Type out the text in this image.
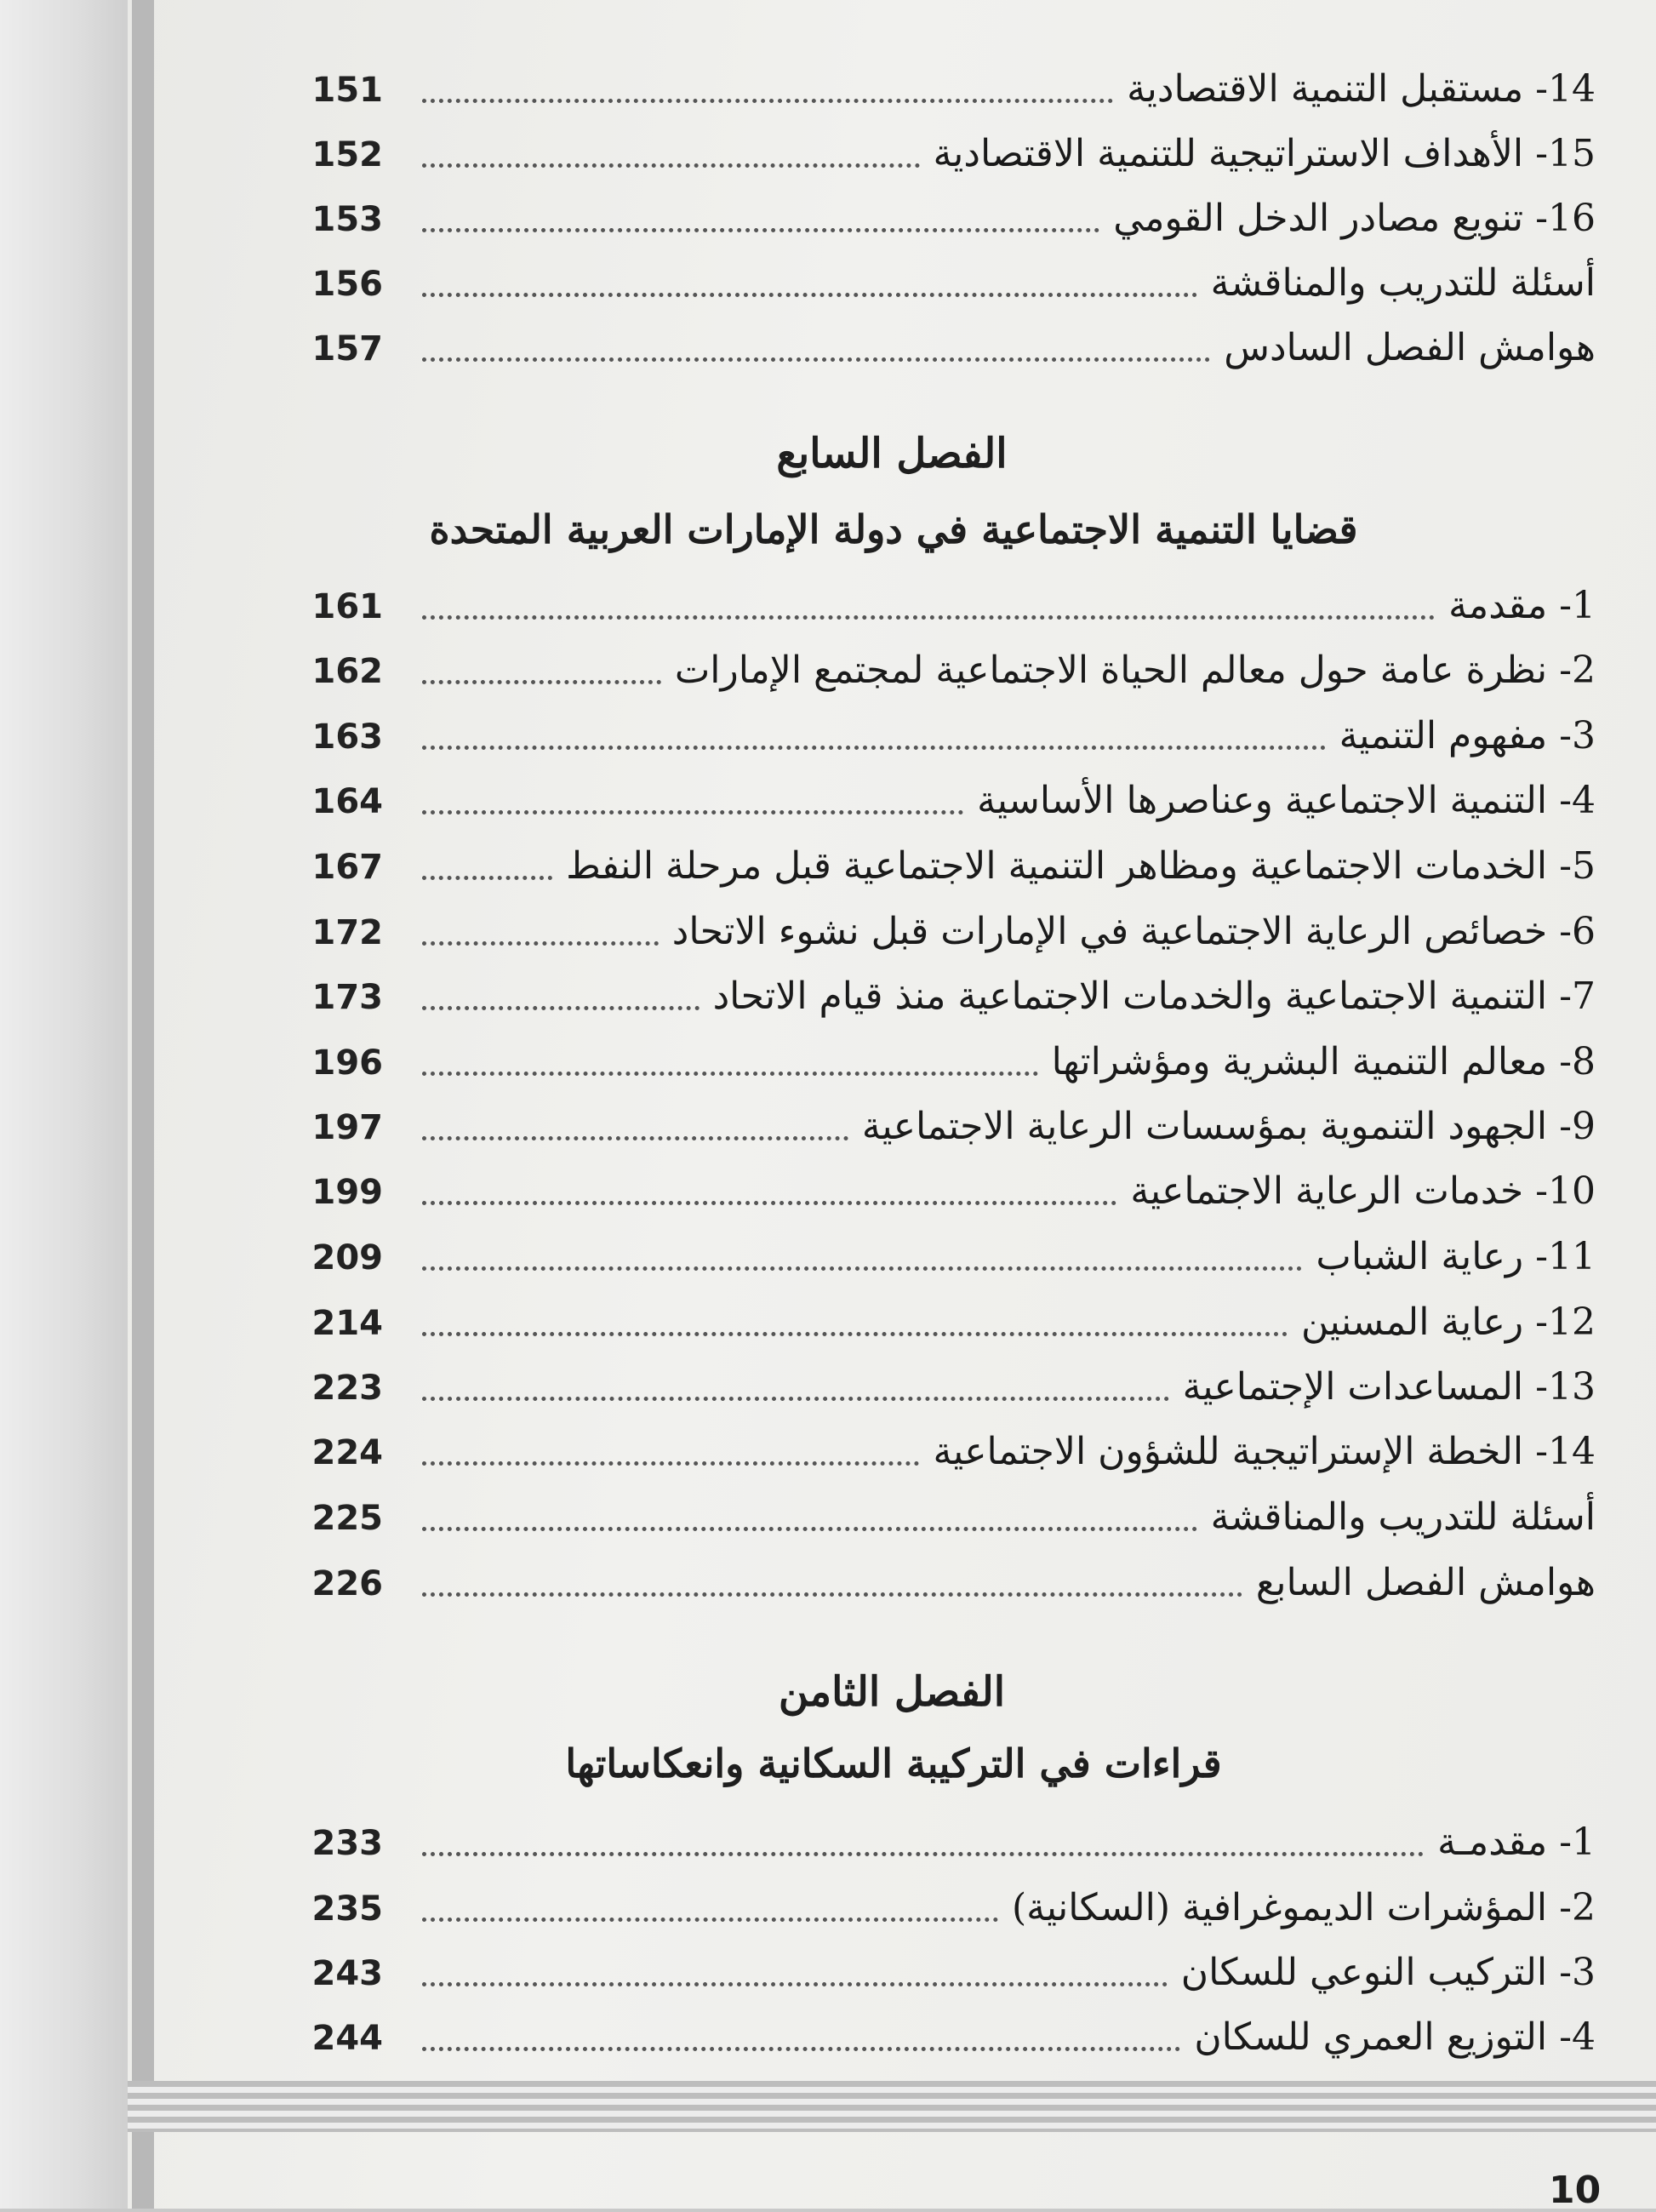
151	14- مستقبل التنمية الاقتصادية
152	15- الأهداف الاستراتيجية للتنمية الاقتصادية
153	16- تنويع مصادر الدخل القومي
156	أسئلة للتدريب والمناقشة
157	هوامش الفصل السادس
الفصل السابع
قضايا التنمية الاجتماعية في دولة الإمارات العربية المتحدة
161	1- مقدمة
162	2- نظرة عامة حول معالم الحياة الاجتماعية لمجتمع الإمارات
163	3- مفهوم التنمية
164	4- التنمية الاجتماعية وعناصرها الأساسية
167	5- الخدمات الاجتماعية ومظاهر التنمية الاجتماعية قبل مرحلة النفط
172	6- خصائص الرعاية الاجتماعية في الإمارات قبل نشوء الاتحاد
173	7- التنمية الاجتماعية والخدمات الاجتماعية منذ قيام الاتحاد
196	8- معالم التنمية البشرية ومؤشراتها
197	9- الجهود التنموية بمؤسسات الرعاية الاجتماعية
199	10- خدمات الرعاية الاجتماعية
209	11- رعاية الشباب
214	12- رعاية المسنين
223	13- المساعدات الإجتماعية
224	14- الخطة الإستراتيجية للشؤون الاجتماعية
225	أسئلة للتدريب والمناقشة
226	هوامش الفصل السابع
الفصل الثامن
قراءات في التركيبة السكانية وانعكاساتها
233	1- مقدمـة
235	2- المؤشرات الديموغرافية (السكانية)
243	3- التركيب النوعي للسكان
244	4- التوزيع العمري للسكان
10
